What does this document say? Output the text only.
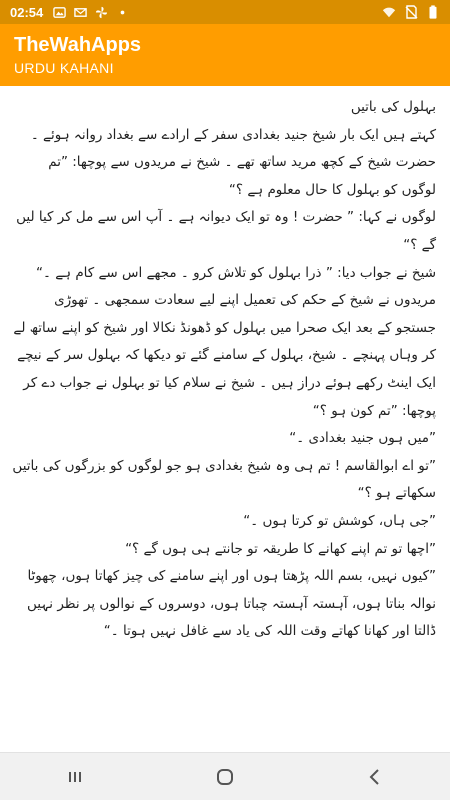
02:54
TheWahApps
URDU KAHANI

بہلول کی باتیں

کہتے ہیں ایک بار شیخ جنید بغدادی سفر کے ارادے سے بغداد روانہ ہوئے ۔

حضرت شیخ کے کچھ مرید ساتھ تھے ۔ شیخ نے مریدوں سے پوچھا: ”تم لوگوں کو بہلول کا حال معلوم ہے ؟“

لوگوں نے کہا: ” حضرت ! وہ تو ایک دیوانہ ہے ۔ آپ اس سے مل کر کیا لیں گے ؟“

شیخ نے جواب دیا: ” ذرا بہلول کو تلاش کرو ۔ مجھے اس سے کام ہے ۔“

مریدوں نے شیخ کے حکم کی تعمیل اپنے لیے سعادت سمجھی ۔ تھوڑی جستجو کے بعد ایک صحرا میں بہلول کو ڈھونڈ نکالا اور شیخ کو اپنے ساتھ لے کر وہاں پہنچے ۔ شیخ، بہلول کے سامنے گئے تو دیکھا کہ بہلول سر کے نیچے ایک اینٹ رکھے ہوئے دراز ہیں ۔ شیخ نے سلام کیا تو بہلول نے جواب دے کر پوچھا: ”تم کون ہو ؟“

”میں ہوں جنید بغدادی ۔“

”تو اے ابوالقاسم ! تم ہی وہ شیخ بغدادی ہو جو لوگوں کو بزرگوں کی باتیں سکھاتے ہو ؟“

”جی ہاں، کوشش تو کرتا ہوں ۔“

”اچھا تو تم اپنے کھانے کا طریقہ تو جانتے ہی ہوں گے ؟“

”کیوں نہیں، بسم اللہ پڑھتا ہوں اور اپنے سامنے کی چیز کھاتا ہوں، چھوٹا نوالہ بناتا ہوں، آہستہ آہستہ چباتا ہوں، دوسروں کے نوالوں پر نظر نہیں ڈالتا اور کھانا کھاتے وقت اللہ کی یاد سے غافل نہیں ہوتا ۔“
